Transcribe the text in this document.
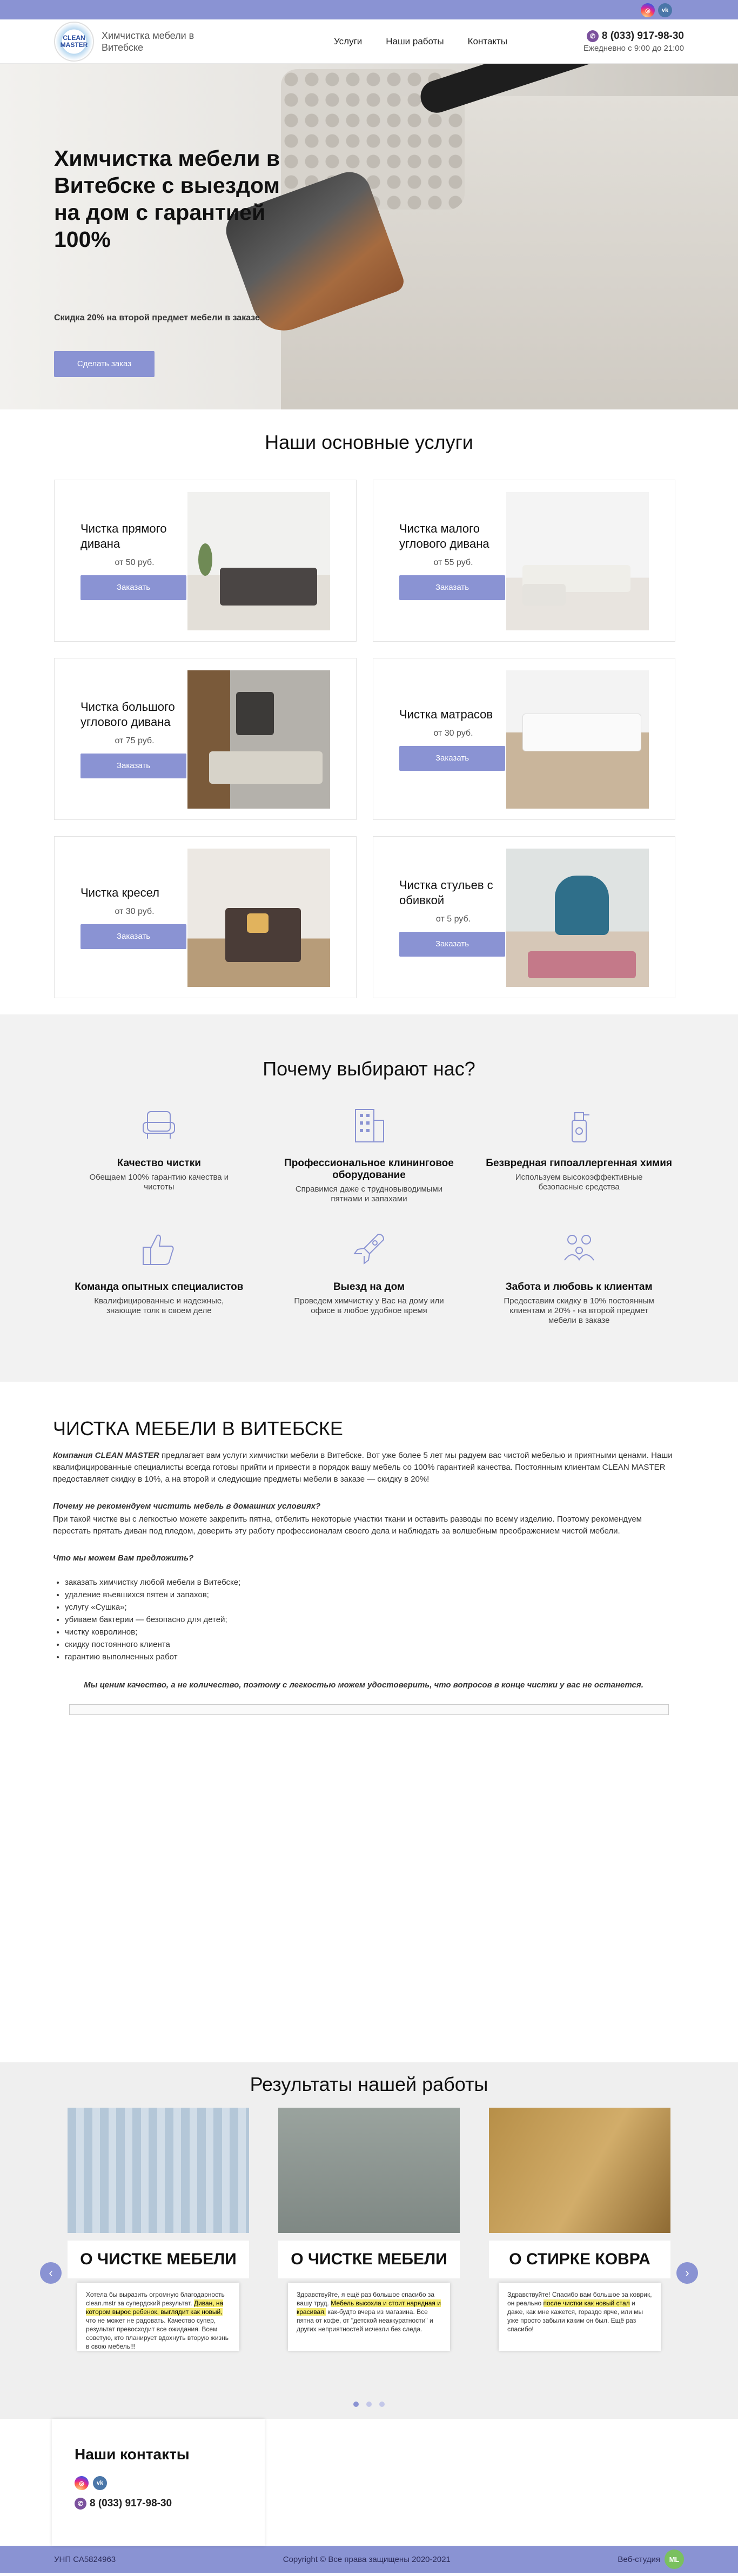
◎	vk
CLEAN
MASTER
Химчистка мебели в Витебске
Услуги	Наши работы	Контакты	✆ 8 (033) 917-98-30
Ежедневно с 9:00 до 21:00
Химчистка мебели в Витебске с выездом на дом с гарантией 100%
Скидка 20% на второй предмет мебели в заказе
Сделать заказ
Наши основные услуги
Чистка прямого дивана
от 50 руб.
Заказать
Чистка малого углового дивана
от 55 руб.
Заказать
Чистка большого углового дивана
от 75 руб.
Заказать
Чистка матрасов
от 30 руб.
Заказать
Чистка кресел
от 30 руб.
Заказать
Чистка стульев с обивкой
от 5 руб.
Заказать
Почему выбирают нас?
Качество чистки
Обещаем 100% гарантию качества и чистоты
Профессиональное клининговое оборудование
Справимся даже с трудновыводимыми пятнами и запахами
Безвредная гипоаллергенная химия
Используем высокоэффективные безопасные средства
Команда опытных специалистов
Квалифицированные и надежные, знающие толк в своем деле
Выезд на дом
Проведем химчистку у Вас на дому или офисе в любое удобное время
Забота и любовь к клиентам
Предоставим скидку в 10% постоянным клиентам и 20% - на второй предмет мебели в заказе
ЧИСТКА МЕБЕЛИ В ВИТЕБСКЕ

Компания CLEAN MASTER предлагает вам услуги химчистки мебели в Витебске. Вот уже более 5 лет мы радуем вас чистой мебелью и приятными ценами. Наши квалифицированные специалисты всегда готовы прийти и привести в порядок вашу мебель со 100% гарантией качества. Постоянным клиентам CLEAN MASTER предоставляет скидку в 10%, а на второй и следующие предметы мебели в заказе — скидку в 20%!

Почему не рекомендуем чистить мебель в домашних условиях?

При такой чистке вы с легкостью можете закрепить пятна, отбелить некоторые участки ткани и оставить разводы по всему изделию. Поэтому рекомендуем перестать прятать диван под пледом, доверить эту работу профессионалам своего дела и наблюдать за волшебным преображением чистой мебели.

Что мы можем Вам предложить?

• заказать химчистку любой мебели в Витебске;
• удаление въевшихся пятен и запахов;
• услугу «Сушка»;
• убиваем бактерии — безопасно для детей;
• чистку ковролинов;
• скидку постоянного клиента
• гарантию выполненных работ

Мы ценим качество, а не количество, поэтому с легкостью можем удостоверить, что вопросов в конце чистки у вас не останется.

Результаты нашей работы
‹	›
О ЧИСТКЕ МЕБЕЛИ
Хотела бы выразить огромную благодарность clean.mstr за супердский результат. Диван, на котором вырос ребенок, выглядит как новый, что не может не радовать. Качество супер, результат превосходит все ожидания. Всем советую, кто планирует вдохнуть вторую жизнь в свою мебель!!!
О ЧИСТКЕ МЕБЕЛИ
Здравствуйте, я ещё раз большое спасибо за вашу труд. Мебель высохла и стоит нарядная и красивая, как-будто вчера из магазина. Все пятна от кофе, от "детской неаккуратности" и других неприятностей исчезли без следа.
О СТИРКЕ КОВРА
Здравствуйте! Спасибо вам большое за коврик, он реально после чистки как новый стал и даже, как мне кажется, гораздо ярче, или мы уже просто забыли каким он был. Ещё раз спасибо!
Наши контакты
◎	vk
✆ 8 (033) 917-98-30
УНП СА5824963	Copyright © Все права защищены 2020-2021	Веб-студия	ML
